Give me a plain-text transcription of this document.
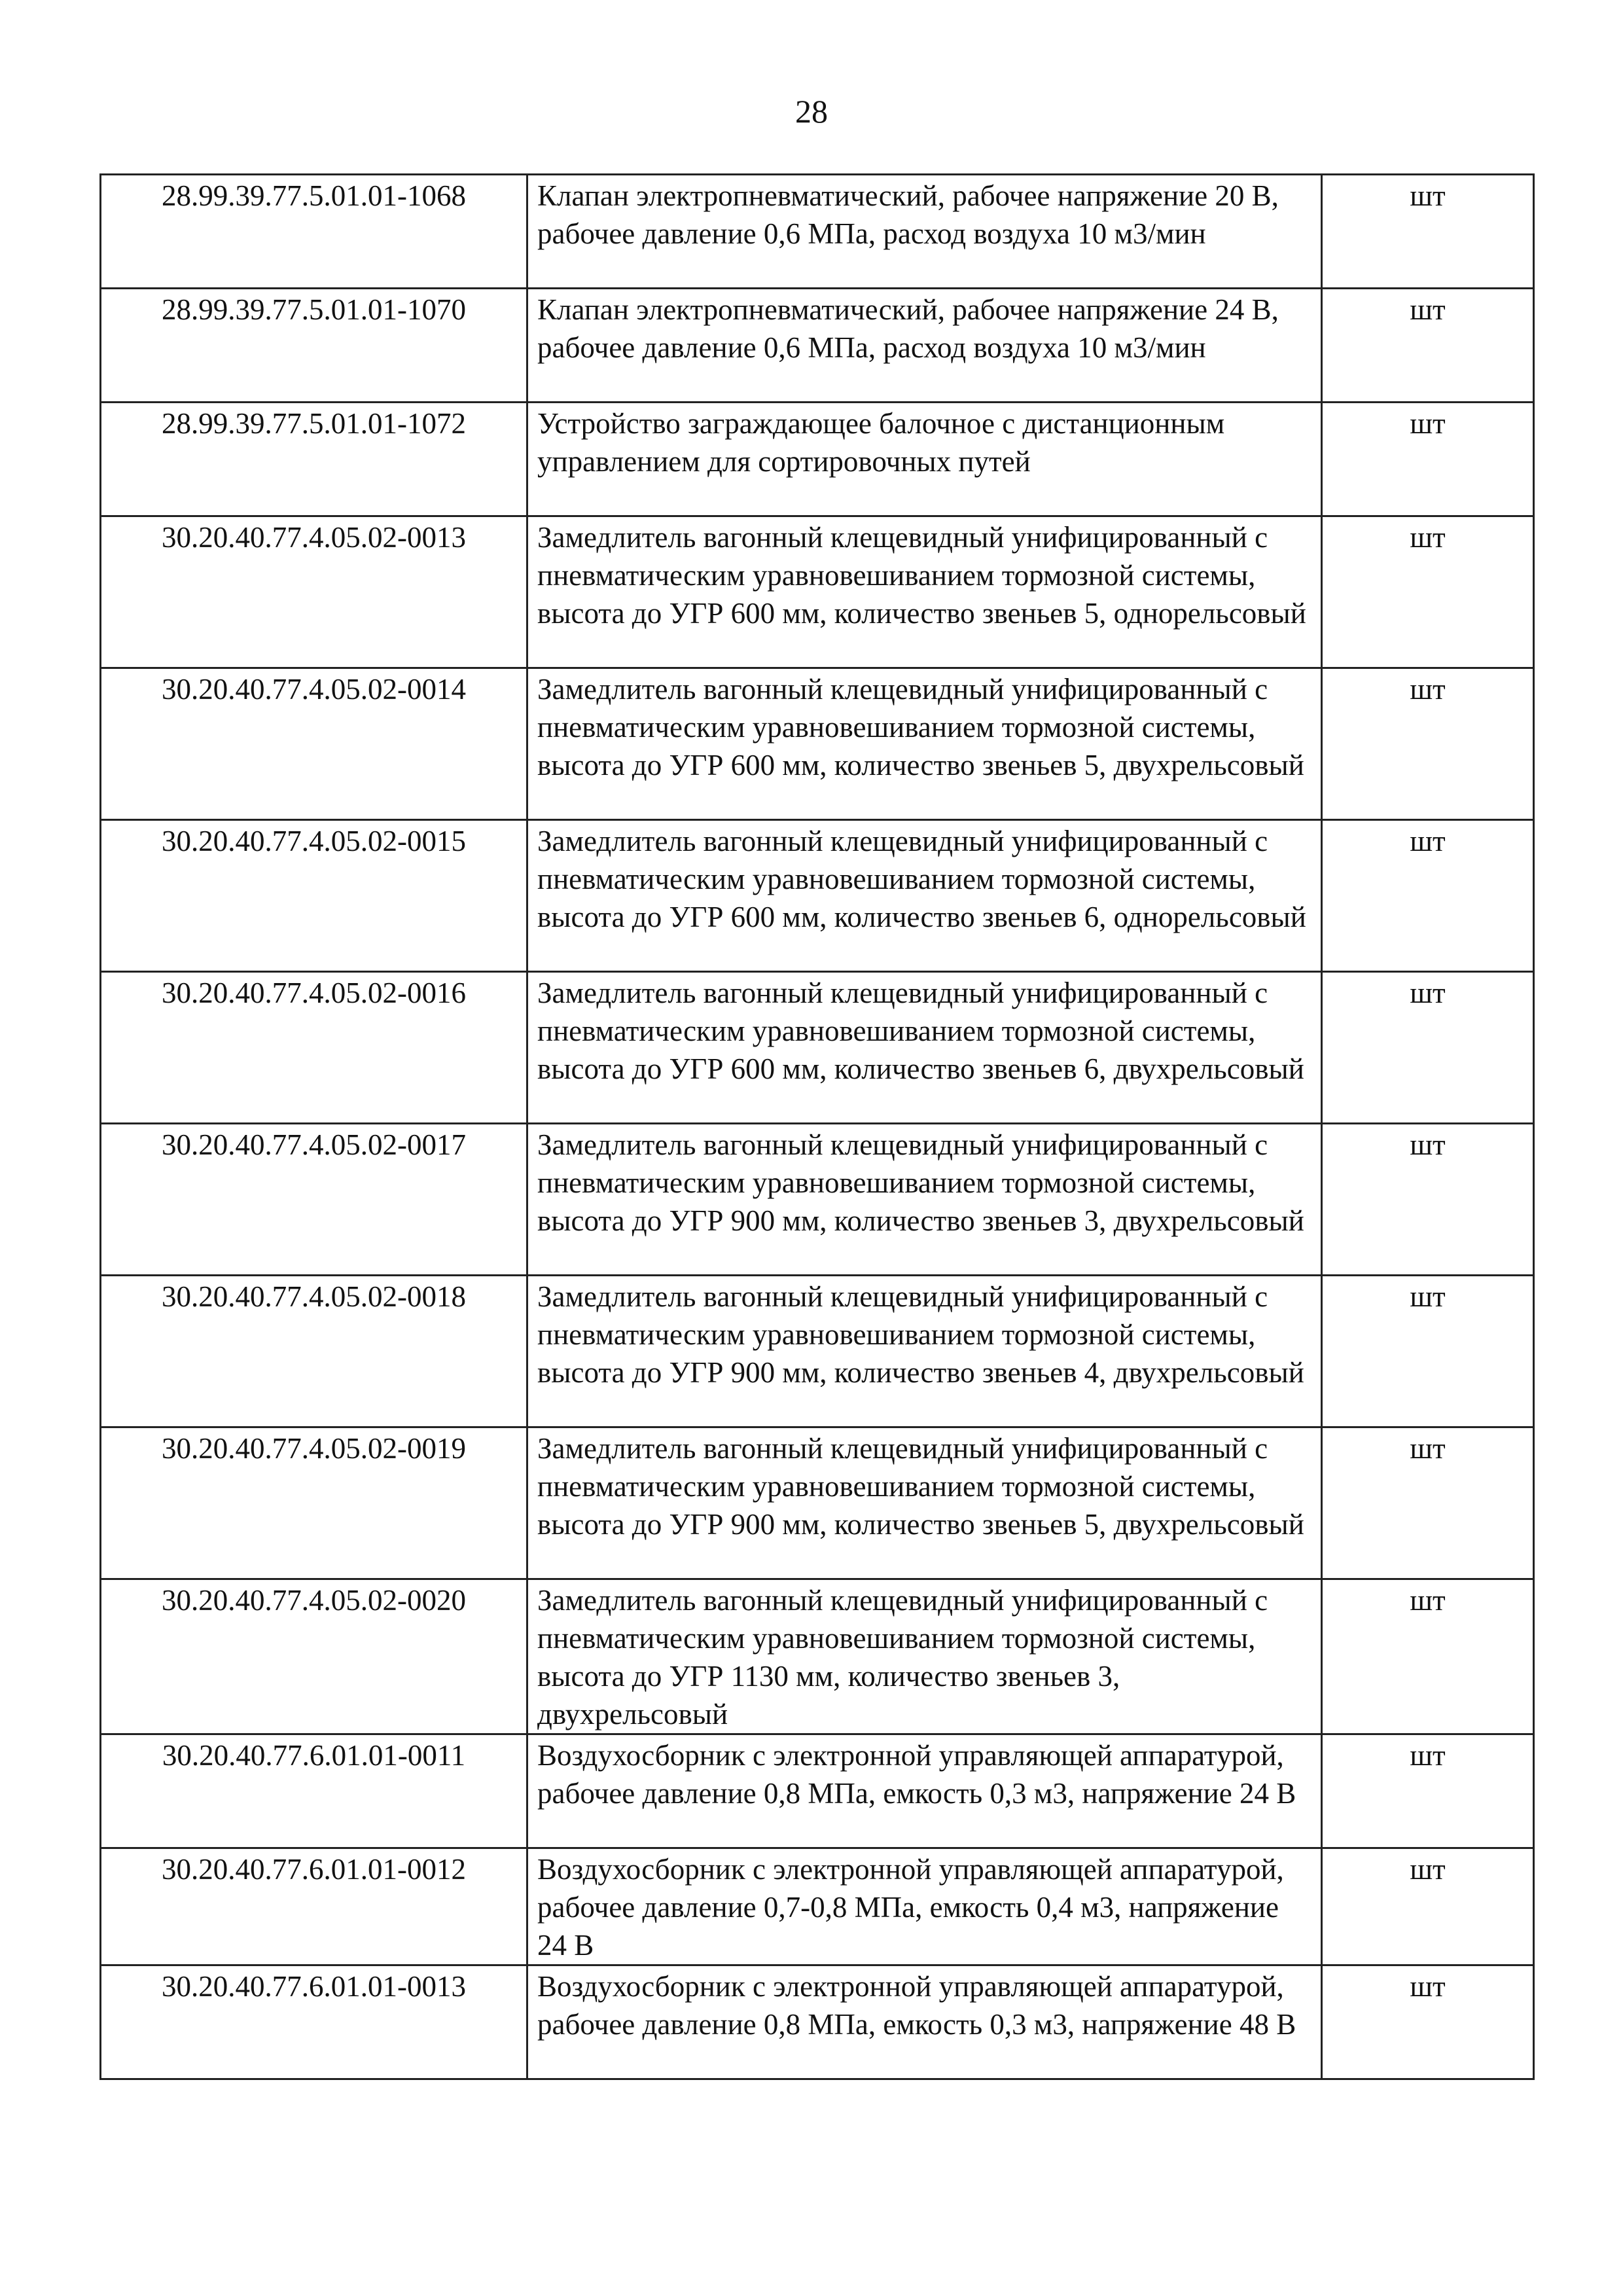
28
28.99.39.77.5.01.01-1068	Клапан электропневматический, рабочее напряжение 20 В, рабочее давление 0,6 МПа, расход воздуха 10 м3/мин	шт
28.99.39.77.5.01.01-1070	Клапан электропневматический, рабочее напряжение 24 В, рабочее давление 0,6 МПа, расход воздуха 10 м3/мин	шт
28.99.39.77.5.01.01-1072	Устройство заграждающее балочное с дистанционным управлением для сортировочных путей	шт
30.20.40.77.4.05.02-0013	Замедлитель вагонный клещевидный унифицированный с пневматическим уравновешиванием тормозной системы, высота до УГР 600 мм, количество звеньев 5, однорельсовый	шт
30.20.40.77.4.05.02-0014	Замедлитель вагонный клещевидный унифицированный с пневматическим уравновешиванием тормозной системы, высота до УГР 600 мм, количество звеньев 5, двухрельсовый	шт
30.20.40.77.4.05.02-0015	Замедлитель вагонный клещевидный унифицированный с пневматическим уравновешиванием тормозной системы, высота до УГР 600 мм, количество звеньев 6, однорельсовый	шт
30.20.40.77.4.05.02-0016	Замедлитель вагонный клещевидный унифицированный с пневматическим уравновешиванием тормозной системы, высота до УГР 600 мм, количество звеньев 6, двухрельсовый	шт
30.20.40.77.4.05.02-0017	Замедлитель вагонный клещевидный унифицированный с пневматическим уравновешиванием тормозной системы, высота до УГР 900 мм, количество звеньев 3, двухрельсовый	шт
30.20.40.77.4.05.02-0018	Замедлитель вагонный клещевидный унифицированный с пневматическим уравновешиванием тормозной системы, высота до УГР 900 мм, количество звеньев 4, двухрельсовый	шт
30.20.40.77.4.05.02-0019	Замедлитель вагонный клещевидный унифицированный с пневматическим уравновешиванием тормозной системы, высота до УГР 900 мм, количество звеньев 5, двухрельсовый	шт
30.20.40.77.4.05.02-0020	Замедлитель вагонный клещевидный унифицированный с пневматическим уравновешиванием тормозной системы, высота до УГР 1130 мм, количество звеньев 3, двухрельсовый	шт
30.20.40.77.6.01.01-0011	Воздухосборник с электронной управляющей аппаратурой, рабочее давление 0,8 МПа, емкость 0,3 м3, напряжение 24 В	шт
30.20.40.77.6.01.01-0012	Воздухосборник с электронной управляющей аппаратурой, рабочее давление 0,7-0,8 МПа, емкость 0,4 м3, напряжение 24 В	шт
30.20.40.77.6.01.01-0013	Воздухосборник с электронной управляющей аппаратурой, рабочее давление 0,8 МПа, емкость 0,3 м3, напряжение 48 В	шт
